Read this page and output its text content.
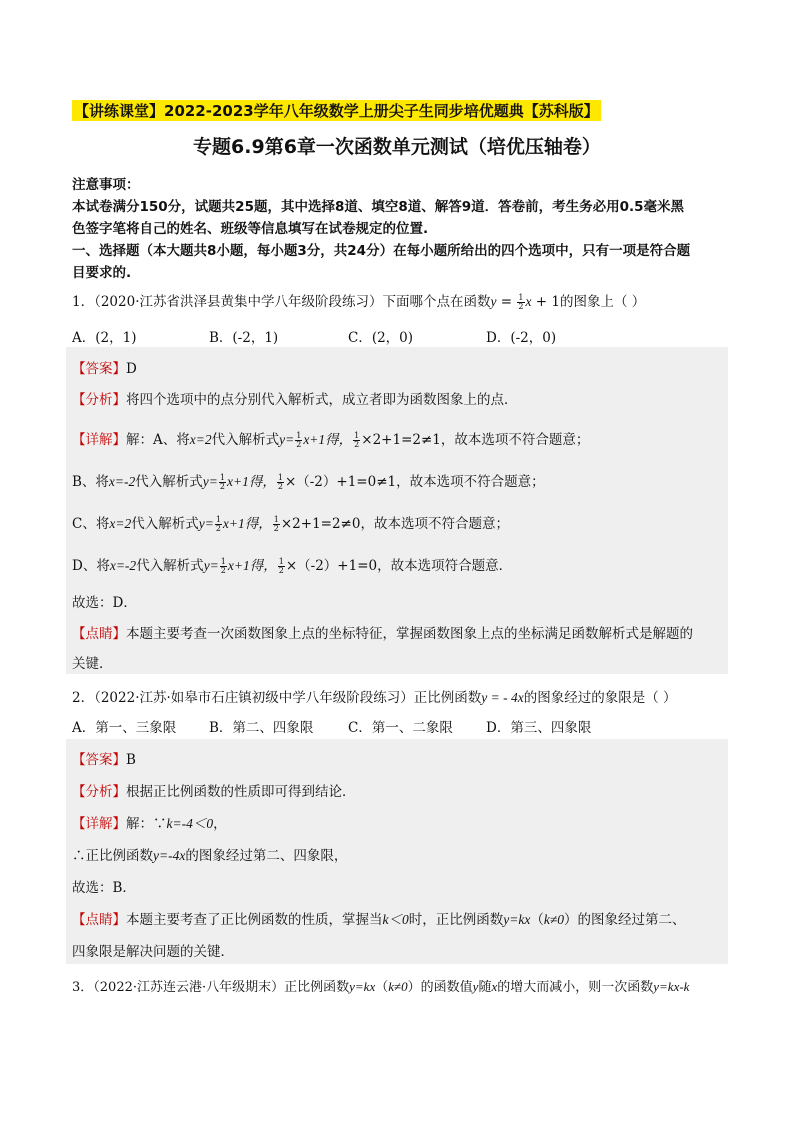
【讲练课堂】2022-2023学年八年级数学上册尖子生同步培优题典【苏科版】
专题6.9第6章一次函数单元测试（培优压轴卷）
注意事项：
本试卷满分150分，试题共25题，其中选择8道、填空8道、解答9道．答卷前，考生务必用0.5毫米黑
色签字笔将自己的姓名、班级等信息填写在试卷规定的位置.
一、选择题（本大题共8小题，每小题3分，共24分）在每小题所给出的四个选项中，只有一项是符合题
目要求的.
1．（2020·江苏省洪泽县黄集中学八年级阶段练习）下面哪个点在函数$y = \frac{1}{2}$ x + 1的图象上（ ）
A．(2，1)	B．(-2，1)	C．(2，0)	D．(-2，0)
【答案】D
【分析】将四个选项中的点分别代入解析式，成立者即为函数图象上的点．
【详解】解：A、将x=2代入解析式$y= \frac{1}{2} x+1$得， $\frac{1}{2} \times 2+1=2\ne 1$，故本选项不符合题意；
B、将x=-2代入解析式$y= \frac{1}{2} x+1$得， $\frac{1}{2} \times(-2)+1=0\ne 1$，故本选项不符合题意；
C、将x=2代入解析式$y= \frac{1}{2} x+1$得， $\frac{1}{2} \times 2+1=2\ne 0$，故本选项不符合题意；
D、将x=-2代入解析式$y= \frac{1}{2} x+1$得， $\frac{1}{2} \times(-2)+1=0$，故本选项符合题意．
故选：D．
【点睛】本题主要考查一次函数图象上点的坐标特征，掌握函数图象上点的坐标满足函数解析式是解题的
关键．
2．（2022·江苏·如皋市石庄镇初级中学八年级阶段练习）正比例函数y = - 4x的图象经过的象限是（ ）
A．第一、三象限 B．第二、四象限	C．第一、二象限 D．第三、四象限
【答案】B
【分析】根据正比例函数的性质即可得到结论．
【详解】解：∵k=-4＜0，
∴正比例函数y=-4x的图象经过第二、四象限，
故选：B．
【点睛】本题主要考查了正比例函数的性质，掌握当k＜0时，正比例函数y=kx（k≠0）的图象经过第二、
四象限是解决问题的关键．
3．（2022·江苏连云港·八年级期末）正比例函数y=kx（k≠0）的函数值y随x的增大而减小，则一次函数y=kx-k
